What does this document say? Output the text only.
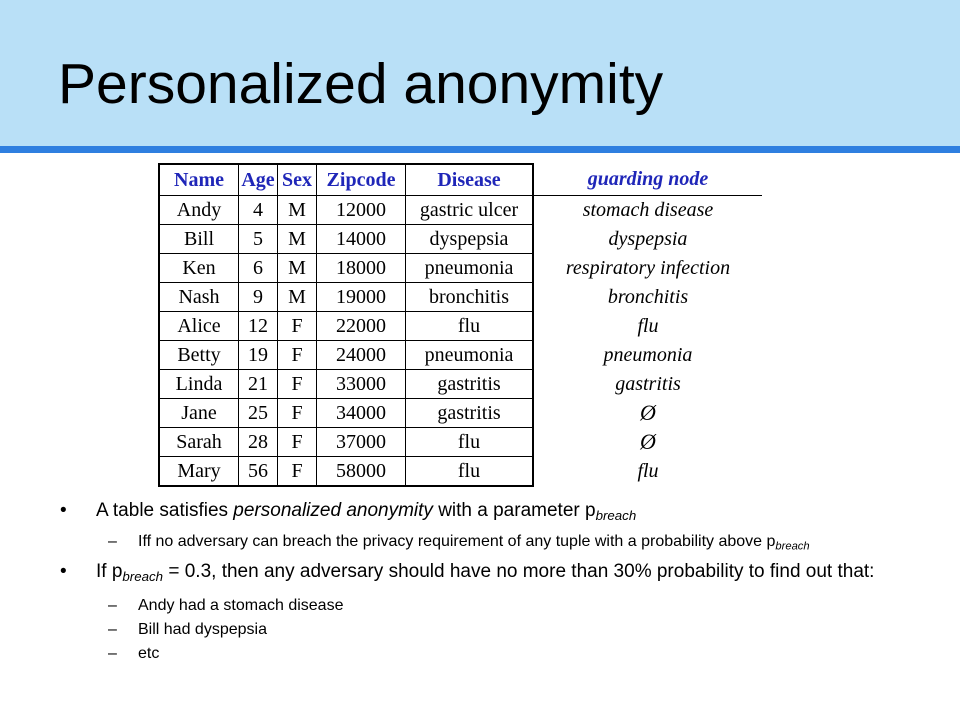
Personalized anonymity
Name	Age	Sex	Zipcode	Disease	guarding node
Andy	4	M	12000	gastric ulcer	stomach disease
Bill	5	M	14000	dyspepsia	dyspepsia
Ken	6	M	18000	pneumonia	respiratory infection
Nash	9	M	19000	bronchitis	bronchitis
Alice	12	F	22000	flu	flu
Betty	19	F	24000	pneumonia	pneumonia
Linda	21	F	33000	gastritis	gastritis
Jane	25	F	34000	gastritis	Ø
Sarah	28	F	37000	flu	Ø
Mary	56	F	58000	flu	flu
• A table satisfies personalized anonymity with a parameter $p_{breach}$
– Iff no adversary can breach the privacy requirement of any tuple with a probability above $p_{breach}$
• If $p_{breach} = 0.3$, then any adversary should have no more than 30% probability to find out that:
– Andy had a stomach disease
– Bill had dyspepsia
– etc
